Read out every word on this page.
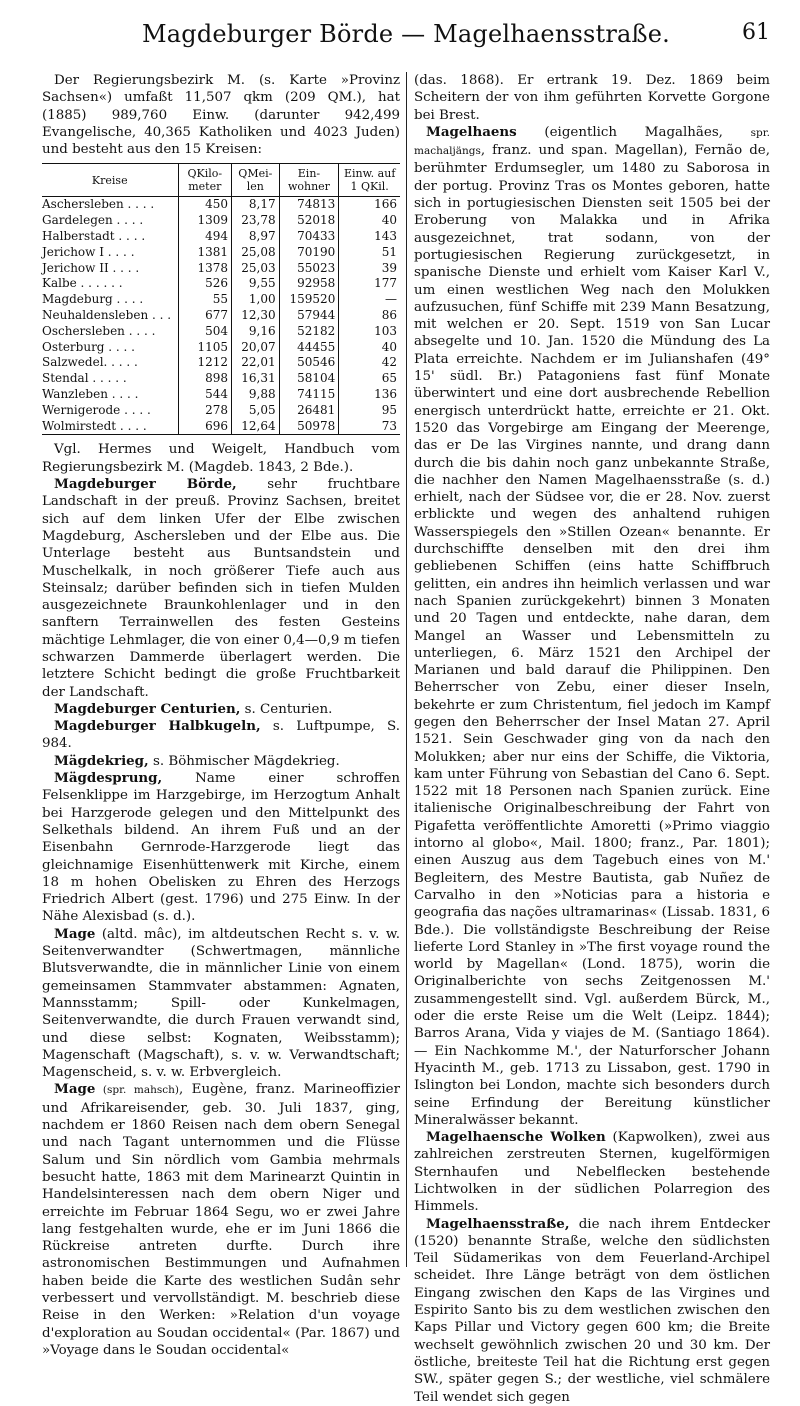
Magdeburger Börde — Magelhaensstraße.	61

Der Regierungsbezirk M. (s. Karte »Provinz Sachsen«) umfaßt 11,507 qkm (209 QM.), hat (1885) 989,760 Einw. (darunter 942,499 Evangelische, 40,365 Katholiken und 4023 Juden) und besteht aus den 15 Kreisen:

Kreise	QKilo-meter	QMei-len	Ein-wohner	Einw. auf 1 QKil.
Aschersleben . . . .	450	8,17	74813	166
Gardelegen . . . .	1309	23,78	52018	40
Halberstadt . . . .	494	8,97	70433	143
Jerichow I . . . .	1381	25,08	70190	51
Jerichow II . . . .	1378	25,03	55023	39
Kalbe . . . . . .	526	9,55	92958	177
Magdeburg . . . .	55	1,00	159520	—
Neuhaldensleben . . .	677	12,30	57944	86
Oschersleben . . . .	504	9,16	52182	103
Osterburg . . . .	1105	20,07	44455	40
Salzwedel. . . . .	1212	22,01	50546	42
Stendal . . . . .	898	16,31	58104	65
Wanzleben . . . .	544	9,88	74115	136
Wernigerode . . . .	278	5,05	26481	95
Wolmirstedt . . . .	696	12,64	50978	73

Vgl. Hermes und Weigelt, Handbuch vom Regierungsbezirk M. (Magdeb. 1843, 2 Bde.).

Magdeburger Börde, sehr fruchtbare Landschaft in der preuß. Provinz Sachsen, breitet sich auf dem linken Ufer der Elbe zwischen Magdeburg, Aschersleben und der Elbe aus. Die Unterlage besteht aus Buntsandstein und Muschelkalk, in noch größerer Tiefe auch aus Steinsalz; darüber befinden sich in tiefen Mulden ausgezeichnete Braunkohlenlager und in den sanftern Terrainwellen des festen Gesteins mächtige Lehmlager, die von einer 0,4—0,9 m tiefen schwarzen Dammerde überlagert werden. Die letztere Schicht bedingt die große Fruchtbarkeit der Landschaft.

Magdeburger Centurien, s. Centurien.

Magdeburger Halbkugeln, s. Luftpumpe, S. 984.

Mägdekrieg, s. Böhmischer Mägdekrieg.

Mägdesprung, Name einer schroffen Felsenklippe im Harzgebirge, im Herzogtum Anhalt bei Harzgerode gelegen und den Mittelpunkt des Selkethals bildend. An ihrem Fuß und an der Eisenbahn Gernrode-Harzgerode liegt das gleichnamige Eisenhüttenwerk mit Kirche, einem 18 m hohen Obelisken zu Ehren des Herzogs Friedrich Albert (gest. 1796) und 275 Einw. In der Nähe Alexisbad (s. d.).

Mage (altd. mâc), im altdeutschen Recht s. v. w. Seitenverwandter (Schwertmagen, männliche Blutsverwandte, die in männlicher Linie von einem gemeinsamen Stammvater abstammen: Agnaten, Mannsstamm; Spill- oder Kunkelmagen, Seitenverwandte, die durch Frauen verwandt sind, und diese selbst: Kognaten, Weibsstamm); Magenschaft (Magschaft), s. v. w. Verwandtschaft; Magenscheid, s. v. w. Erbvergleich.

Mage (spr. mahsch), Eugène, franz. Marineoffizier und Afrikareisender, geb. 30. Juli 1837, ging, nachdem er 1860 Reisen nach dem obern Senegal und nach Tagant unternommen und die Flüsse Salum und Sin nördlich vom Gambia mehrmals besucht hatte, 1863 mit dem Marinearzt Quintin in Handelsinteressen nach dem obern Niger und erreichte im Februar 1864 Segu, wo er zwei Jahre lang festgehalten wurde, ehe er im Juni 1866 die Rückreise antreten durfte. Durch ihre astronomischen Bestimmungen und Aufnahmen haben beide die Karte des westlichen Sudân sehr verbessert und vervollständigt. M. beschrieb diese Reise in den Werken: »Relation d'un voyage d'exploration au Soudan occidental« (Par. 1867) und »Voyage dans le Soudan occidental«

(das. 1868). Er ertrank 19. Dez. 1869 beim Scheitern der von ihm geführten Korvette Gorgone bei Brest.

Magelhaens (eigentlich Magalhães, spr. machaljängs, franz. und span. Magellan), Fernão de, berühmter Erdumsegler, um 1480 zu Saborosa in der portug. Provinz Tras os Montes geboren, hatte sich in portugiesischen Diensten seit 1505 bei der Eroberung von Malakka und in Afrika ausgezeichnet, trat sodann, von der portugiesischen Regierung zurückgesetzt, in spanische Dienste und erhielt vom Kaiser Karl V., um einen westlichen Weg nach den Molukken aufzusuchen, fünf Schiffe mit 239 Mann Besatzung, mit welchen er 20. Sept. 1519 von San Lucar absegelte und 10. Jan. 1520 die Mündung des La Plata erreichte. Nachdem er im Julianshafen (49° 15' südl. Br.) Patagoniens fast fünf Monate überwintert und eine dort ausbrechende Rebellion energisch unterdrückt hatte, erreichte er 21. Okt. 1520 das Vorgebirge am Eingang der Meerenge, das er De las Virgines nannte, und drang dann durch die bis dahin noch ganz unbekannte Straße, die nachher den Namen Magelhaensstraße (s. d.) erhielt, nach der Südsee vor, die er 28. Nov. zuerst erblickte und wegen des anhaltend ruhigen Wasserspiegels den »Stillen Ozean« benannte. Er durchschiffte denselben mit den drei ihm gebliebenen Schiffen (eins hatte Schiffbruch gelitten, ein andres ihn heimlich verlassen und war nach Spanien zurückgekehrt) binnen 3 Monaten und 20 Tagen und entdeckte, nahe daran, dem Mangel an Wasser und Lebensmitteln zu unterliegen, 6. März 1521 den Archipel der Marianen und bald darauf die Philippinen. Den Beherrscher von Zebu, einer dieser Inseln, bekehrte er zum Christentum, fiel jedoch im Kampf gegen den Beherrscher der Insel Matan 27. April 1521. Sein Geschwader ging von da nach den Molukken; aber nur eins der Schiffe, die Viktoria, kam unter Führung von Sebastian del Cano 6. Sept. 1522 mit 18 Personen nach Spanien zurück. Eine italienische Originalbeschreibung der Fahrt von Pigafetta veröffentlichte Amoretti (»Primo viaggio intorno al globo«, Mail. 1800; franz., Par. 1801); einen Auszug aus dem Tagebuch eines von M.' Begleitern, des Mestre Bautista, gab Nuñez de Carvalho in den »Noticias para a historia e geografia das nações ultramarinas« (Lissab. 1831, 6 Bde.). Die vollständigste Beschreibung der Reise lieferte Lord Stanley in »The first voyage round the world by Magellan« (Lond. 1875), worin die Originalberichte von sechs Zeitgenossen M.' zusammengestellt sind. Vgl. außerdem Bürck, M., oder die erste Reise um die Welt (Leipz. 1844); Barros Arana, Vida y viajes de M. (Santiago 1864). — Ein Nachkomme M.', der Naturforscher Johann Hyacinth M., geb. 1713 zu Lissabon, gest. 1790 in Islington bei London, machte sich besonders durch seine Erfindung der Bereitung künstlicher Mineralwässer bekannt.

Magelhaensche Wolken (Kapwolken), zwei aus zahlreichen zerstreuten Sternen, kugelförmigen Sternhaufen und Nebelflecken bestehende Lichtwolken in der südlichen Polarregion des Himmels.

Magelhaensstraße, die nach ihrem Entdecker (1520) benannte Straße, welche den südlichsten Teil Südamerikas von dem Feuerland-Archipel scheidet. Ihre Länge beträgt von dem östlichen Eingang zwischen den Kaps de las Virgines und Espirito Santo bis zu dem westlichen zwischen den Kaps Pillar und Victory gegen 600 km; die Breite wechselt gewöhnlich zwischen 20 und 30 km. Der östliche, breiteste Teil hat die Richtung erst gegen SW., später gegen S.; der westliche, viel schmälere Teil wendet sich gegen
